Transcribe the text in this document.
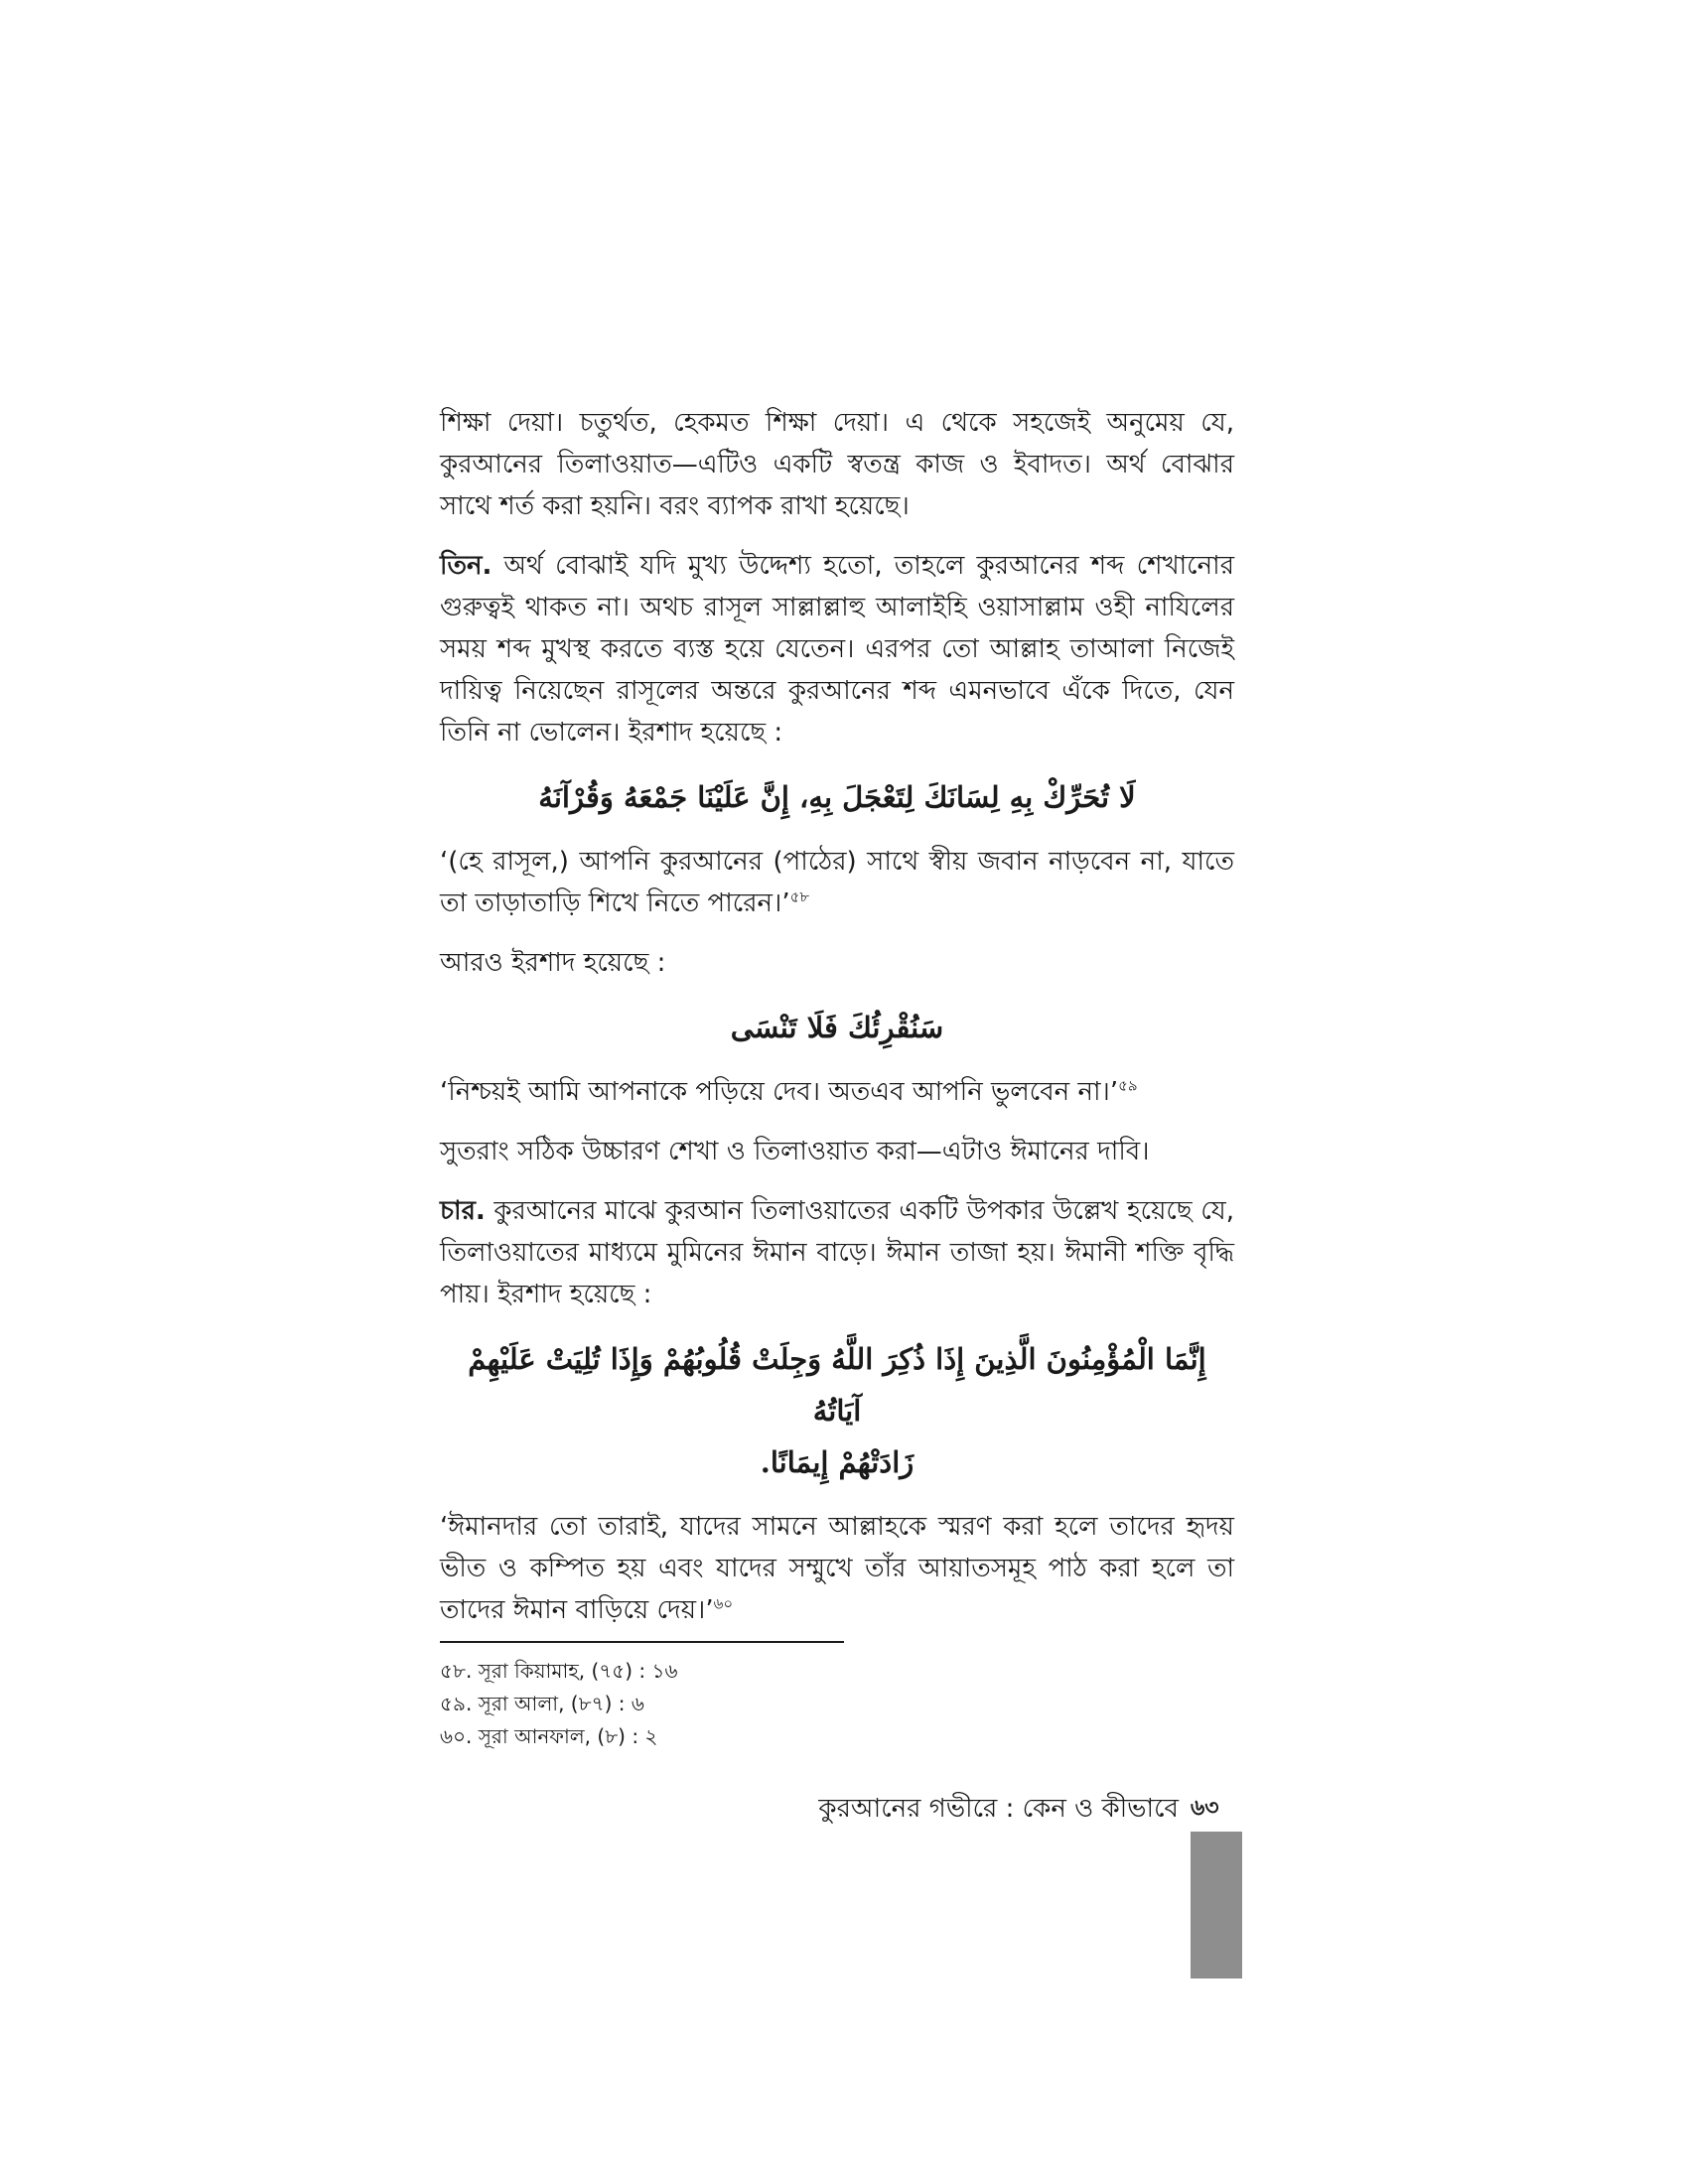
শিক্ষা দেয়া। চতুর্থত, হেকমত শিক্ষা দেয়া। এ থেকে সহজেই অনুমেয় যে, কুরআনের তিলাওয়াত—এটিও একটি স্বতন্ত্র কাজ ও ইবাদত। অর্থ বোঝার সাথে শর্ত করা হয়নি। বরং ব্যাপক রাখা হয়েছে।

তিন. অর্থ বোঝাই যদি মুখ্য উদ্দেশ্য হতো, তাহলে কুরআনের শব্দ শেখানোর গুরুত্বই থাকত না। অথচ রাসূল সাল্লাল্লাহু আলাইহি ওয়াসাল্লাম ওহী নাযিলের সময় শব্দ মুখস্থ করতে ব্যস্ত হয়ে যেতেন। এরপর তো আল্লাহ তাআলা নিজেই দায়িত্ব নিয়েছেন রাসূলের অন্তরে কুরআনের শব্দ এমনভাবে এঁকে দিতে, যেন তিনি না ভোলেন। ইরশাদ হয়েছে :

لَا تُحَرِّكْ بِهِ لِسَانَكَ لِتَعْجَلَ بِهِ، إِنَّ عَلَيْنَا جَمْعَهُ وَقُرْآنَهُ

‘(হে রাসূল,) আপনি কুরআনের (পাঠের) সাথে স্বীয় জবান নাড়বেন না, যাতে তা তাড়াতাড়ি শিখে নিতে পারেন।’$^{৫৮}$

আরও ইরশাদ হয়েছে :

سَنُقْرِئُكَ فَلَا تَنْسَى

‘নিশ্চয়ই আমি আপনাকে পড়িয়ে দেব। অতএব আপনি ভুলবেন না।’$^{৫৯}$

সুতরাং সঠিক উচ্চারণ শেখা ও তিলাওয়াত করা—এটাও ঈমানের দাবি।

চার. কুরআনের মাঝে কুরআন তিলাওয়াতের একটি উপকার উল্লেখ হয়েছে যে, তিলাওয়াতের মাধ্যমে মুমিনের ঈমান বাড়ে। ঈমান তাজা হয়। ঈমানী শক্তি বৃদ্ধি পায়। ইরশাদ হয়েছে :

إِنَّمَا الْمُؤْمِنُونَ الَّذِينَ إِذَا ذُكِرَ اللَّهُ وَجِلَتْ قُلُوبُهُمْ وَإِذَا تُلِيَتْ عَلَيْهِمْ آيَاتُهُ
زَادَتْهُمْ إِيمَانًا.

‘ঈমানদার তো তারাই, যাদের সামনে আল্লাহকে স্মরণ করা হলে তাদের হৃদয় ভীত ও কম্পিত হয় এবং যাদের সম্মুখে তাঁর আয়াতসমূহ পাঠ করা হলে তা তাদের ঈমান বাড়িয়ে দেয়।’$^{৬০}$

৫৮. সূরা কিয়ামাহ, (৭৫) : ১৬

৫৯. সূরা আলা, (৮৭) : ৬

৬০. সূরা আনফাল, (৮) : ২

কুরআনের গভীরে : কেন ও কীভাবে ৬৩
